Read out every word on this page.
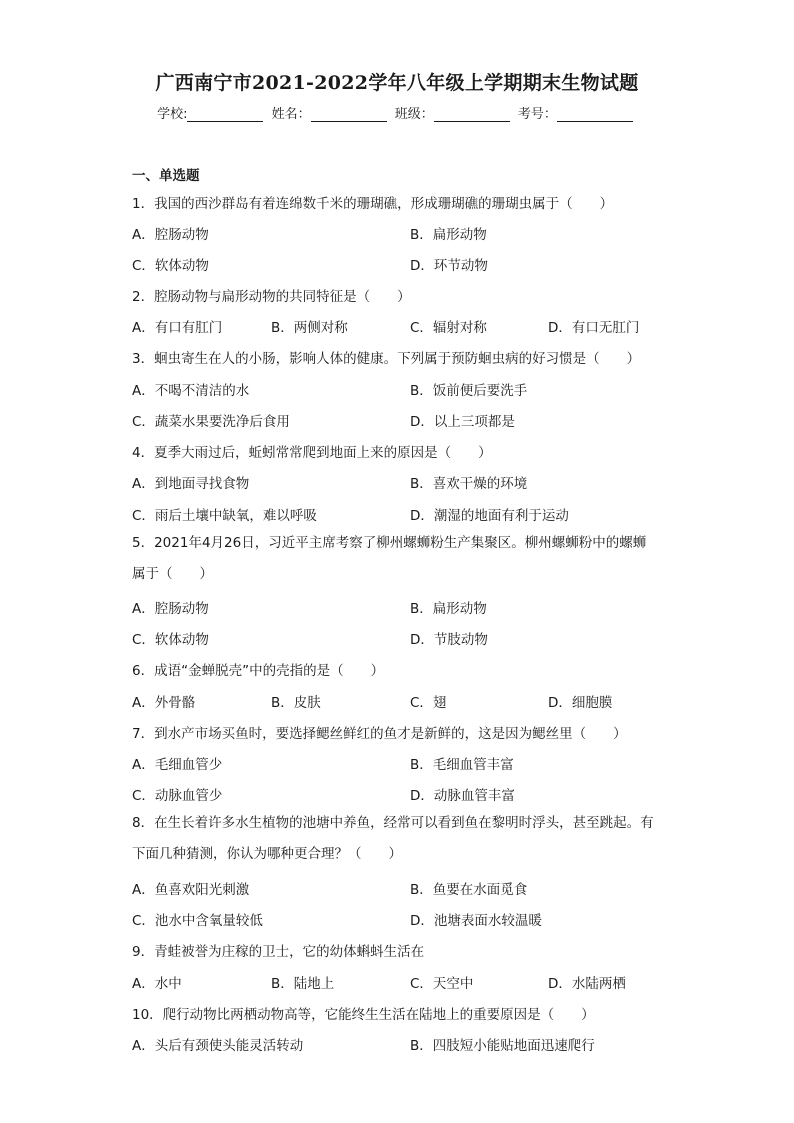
广西南宁市2021-2022学年八年级上学期期末生物试题
学校:	姓名：	班级：	考号：
一、单选题
1．我国的西沙群岛有着连绵数千米的珊瑚礁，形成珊瑚礁的珊瑚虫属于（　　）
A．腔肠动物	B．扁形动物
C．软体动物	D．环节动物
2．腔肠动物与扁形动物的共同特征是（　　）
A．有口有肛门	B．两侧对称	C．辐射对称	D．有口无肛门
3．蛔虫寄生在人的小肠，影响人体的健康。下列属于预防蛔虫病的好习惯是（　　）
A．不喝不清洁的水	B．饭前便后要洗手
C．蔬菜水果要洗净后食用	D．以上三项都是
4．夏季大雨过后，蚯蚓常常爬到地面上来的原因是（　　）
A．到地面寻找食物	B．喜欢干燥的环境
C．雨后土壤中缺氧，难以呼吸	D．潮湿的地面有利于运动
5．2021年4月26日，习近平主席考察了柳州螺蛳粉生产集聚区。柳州螺蛳粉中的螺蛳属于（　　）
A．腔肠动物	B．扁形动物
C．软体动物	D．节肢动物
6．成语“金蝉脱壳”中的壳指的是（　　）
A．外骨骼	B．皮肤	C．翅	D．细胞膜
7．到水产市场买鱼时，要选择鳃丝鲜红的鱼才是新鲜的，这是因为鳃丝里（　　）
A．毛细血管少	B．毛细血管丰富
C．动脉血管少	D．动脉血管丰富
8．在生长着许多水生植物的池塘中养鱼，经常可以看到鱼在黎明时浮头，甚至跳起。有下面几种猜测，你认为哪种更合理？（　　）
A．鱼喜欢阳光刺激	B．鱼要在水面觅食
C．池水中含氧量较低	D．池塘表面水较温暖
9．青蛙被誉为庄稼的卫士，它的幼体蝌蚪生活在
A．水中	B．陆地上	C．天空中	D．水陆两栖
10．爬行动物比两栖动物高等，它能终生生活在陆地上的重要原因是（　　）
A．头后有颈使头能灵活转动	B．四肢短小能贴地面迅速爬行
